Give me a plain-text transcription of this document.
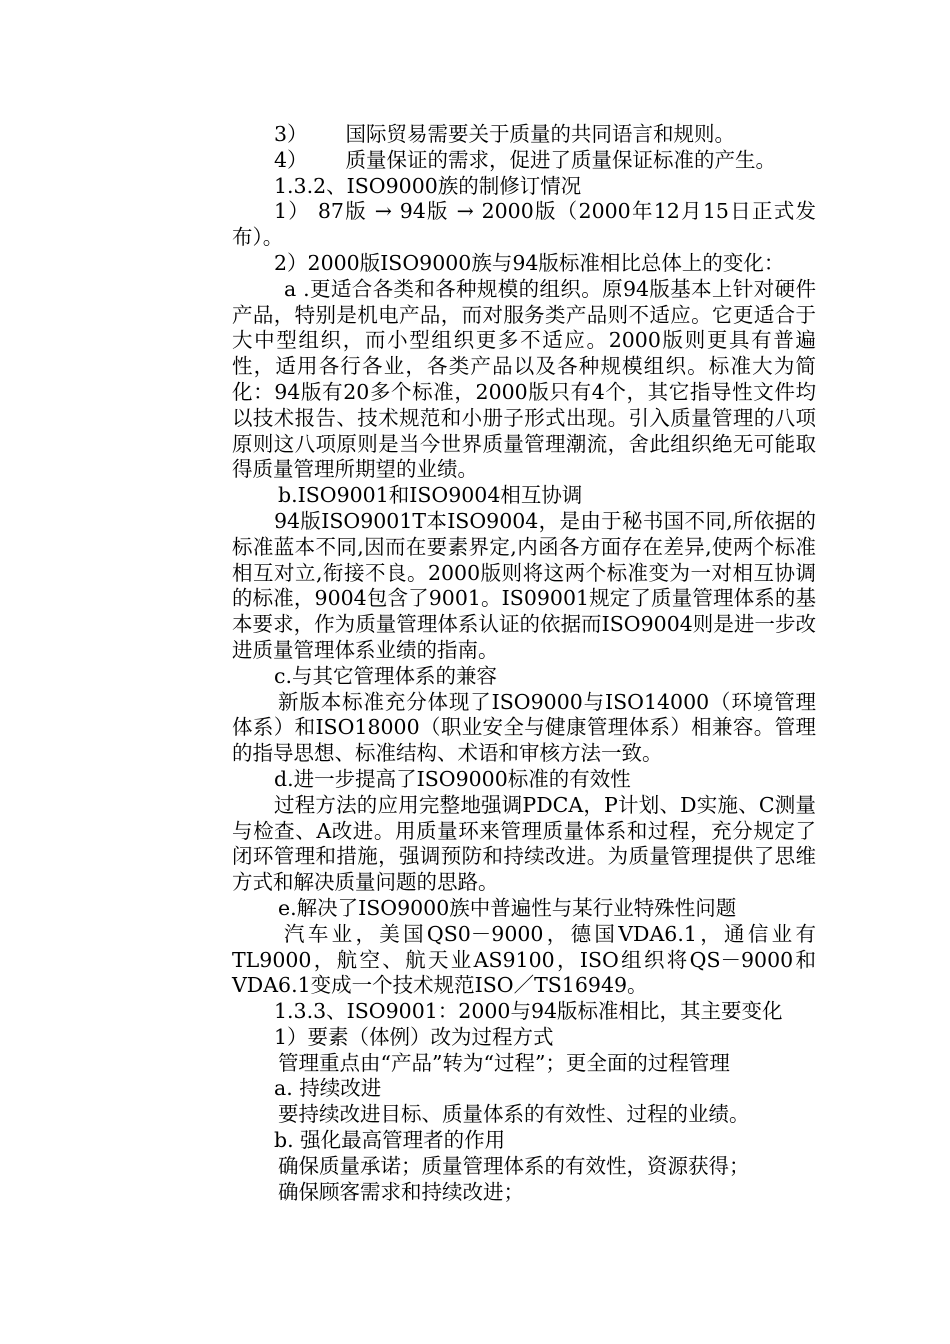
3） 国际贸易需要关于质量的共同语言和规则。

4） 质量保证的需求，促进了质量保证标准的产生。

1.3.2、ISO9000族的制修订情况

1） 87版 → 94版 → 2000版（2000年12月15日正式发布）。

2）2000版ISO9000族与94版标准相比总体上的变化：

a .更适合各类和各种规模的组织。原94版基本上针对硬件产品，特别是机电产品，而对服务类产品则不适应。它更适合于大中型组织，而小型组织更多不适应。2000版则更具有普遍性，适用各行各业，各类产品以及各种规模组织。标准大为简化：94版有20多个标准，2000版只有4个，其它指导性文件均以技术报告、技术规范和小册子形式出现。引入质量管理的八项原则这八项原则是当今世界质量管理潮流，舍此组织绝无可能取得质量管理所期望的业绩。

b.ISO9001和ISO9004相互协调

94版ISO9001T本ISO9004，是由于秘书国不同,所依据的标准蓝本不同,因而在要素界定,内函各方面存在差异,使两个标准相互对立,衔接不良。2000版则将这两个标准变为一对相互协调的标准，9004包含了9001。IS09001规定了质量管理体系的基本要求，作为质量管理体系认证的依据而ISO9004则是进一步改进质量管理体系业绩的指南。

c.与其它管理体系的兼容

新版本标准充分体现了ISO9000与ISO14000（环境管理体系）和ISO18000（职业安全与健康管理体系）相兼容。管理的指导思想、标准结构、术语和审核方法一致。

d.进一步提高了ISO9000标准的有效性

过程方法的应用完整地强调PDCA，P计划、D实施、C测量与检查、A改进。用质量环来管理质量体系和过程，充分规定了闭环管理和措施，强调预防和持续改进。为质量管理提供了思维方式和解决质量问题的思路。

e.解决了ISO9000族中普遍性与某行业特殊性问题

汽车业，美国QS0－9000，德国VDA6.1，通信业有TL9000，航空、航天业AS9100，ISO组织将QS－9000和VDA6.1变成一个技术规范ISO／TS16949。

1.3.3、ISO9001：2000与94版标准相比，其主要变化

1）要素（体例）改为过程方式

管理重点由“产品”转为“过程”；更全面的过程管理

a. 持续改进

要持续改进目标、质量体系的有效性、过程的业绩。

b. 强化最高管理者的作用

确保质量承诺；质量管理体系的有效性，资源获得；

确保顾客需求和持续改进；
